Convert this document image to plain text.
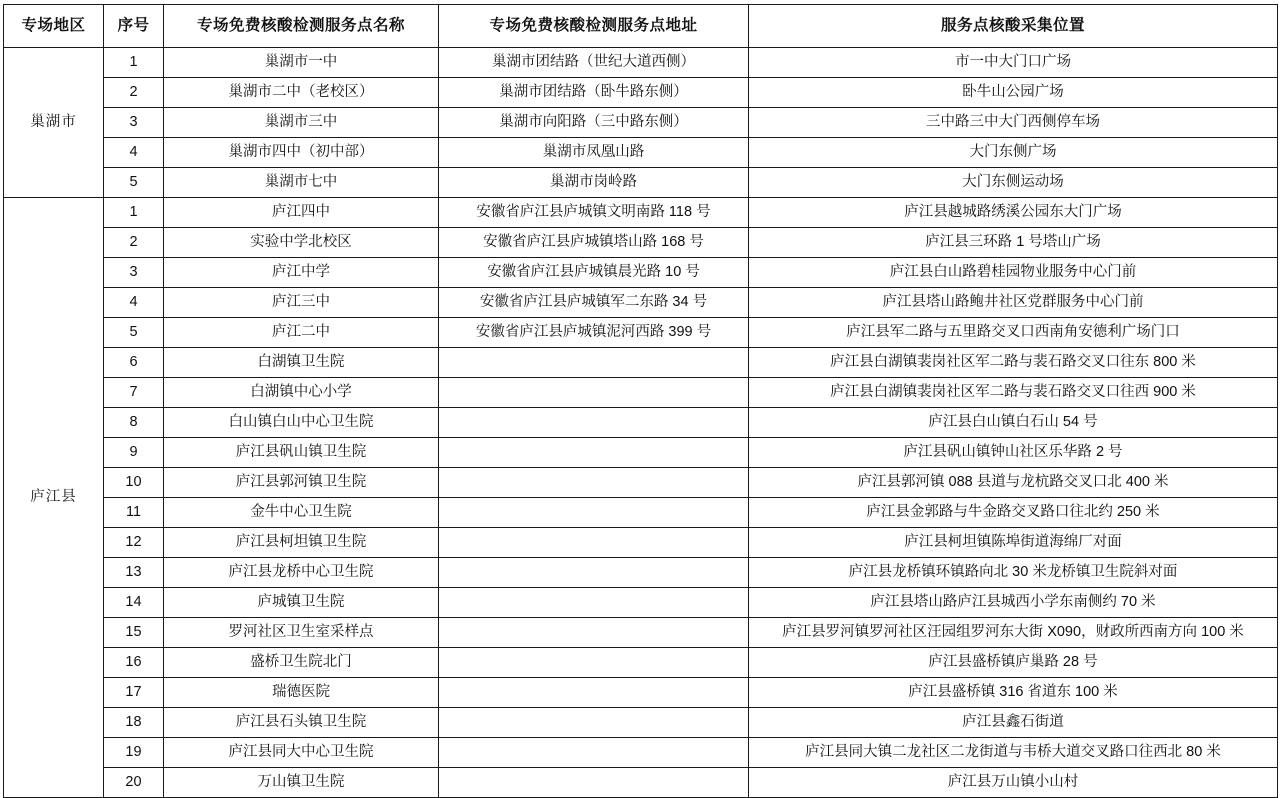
专场地区	序号	专场免费核酸检测服务点名称	专场免费核酸检测服务点地址	服务点核酸采集位置
巢湖市	1	巢湖市一中	巢湖市团结路（世纪大道西侧）	市一中大门口广场
	2	巢湖市二中（老校区）	巢湖市团结路（卧牛路东侧）	卧牛山公园广场
	3	巢湖市三中	巢湖市向阳路（三中路东侧）	三中路三中大门西侧停车场
	4	巢湖市四中（初中部）	巢湖市凤凰山路	大门东侧广场
	5	巢湖市七中	巢湖市岗岭路	大门东侧运动场
庐江县	1	庐江四中	安徽省庐江县庐城镇文明南路 118 号	庐江县越城路绣溪公园东大门广场
	2	实验中学北校区	安徽省庐江县庐城镇塔山路 168 号	庐江县三环路 1 号塔山广场
	3	庐江中学	安徽省庐江县庐城镇晨光路 10 号	庐江县白山路碧桂园物业服务中心门前
	4	庐江三中	安徽省庐江县庐城镇军二东路 34 号	庐江县塔山路鲍井社区党群服务中心门前
	5	庐江二中	安徽省庐江县庐城镇泥河西路 399 号	庐江县军二路与五里路交叉口西南角安德利广场门口
	6	白湖镇卫生院		庐江县白湖镇裴岗社区军二路与裴石路交叉口往东 800 米
	7	白湖镇中心小学		庐江县白湖镇裴岗社区军二路与裴石路交叉口往西 900 米
	8	白山镇白山中心卫生院		庐江县白山镇白石山 54 号
	9	庐江县矾山镇卫生院		庐江县矾山镇钟山社区乐华路 2 号
	10	庐江县郭河镇卫生院		庐江县郭河镇 088 县道与龙杭路交叉口北 400 米
	11	金牛中心卫生院		庐江县金郭路与牛金路交叉路口往北约 250 米
	12	庐江县柯坦镇卫生院		庐江县柯坦镇陈埠街道海绵厂对面
	13	庐江县龙桥中心卫生院		庐江县龙桥镇环镇路向北 30 米龙桥镇卫生院斜对面
	14	庐城镇卫生院		庐江县塔山路庐江县城西小学东南侧约 70 米
	15	罗河社区卫生室采样点		庐江县罗河镇罗河社区汪园组罗河东大街 X090，财政所西南方向 100 米
	16	盛桥卫生院北门		庐江县盛桥镇庐巢路 28 号
	17	瑞德医院		庐江县盛桥镇 316 省道东 100 米
	18	庐江县石头镇卫生院		庐江县鑫石街道
	19	庐江县同大中心卫生院		庐江县同大镇二龙社区二龙街道与韦桥大道交叉路口往西北 80 米
	20	万山镇卫生院		庐江县万山镇小山村
